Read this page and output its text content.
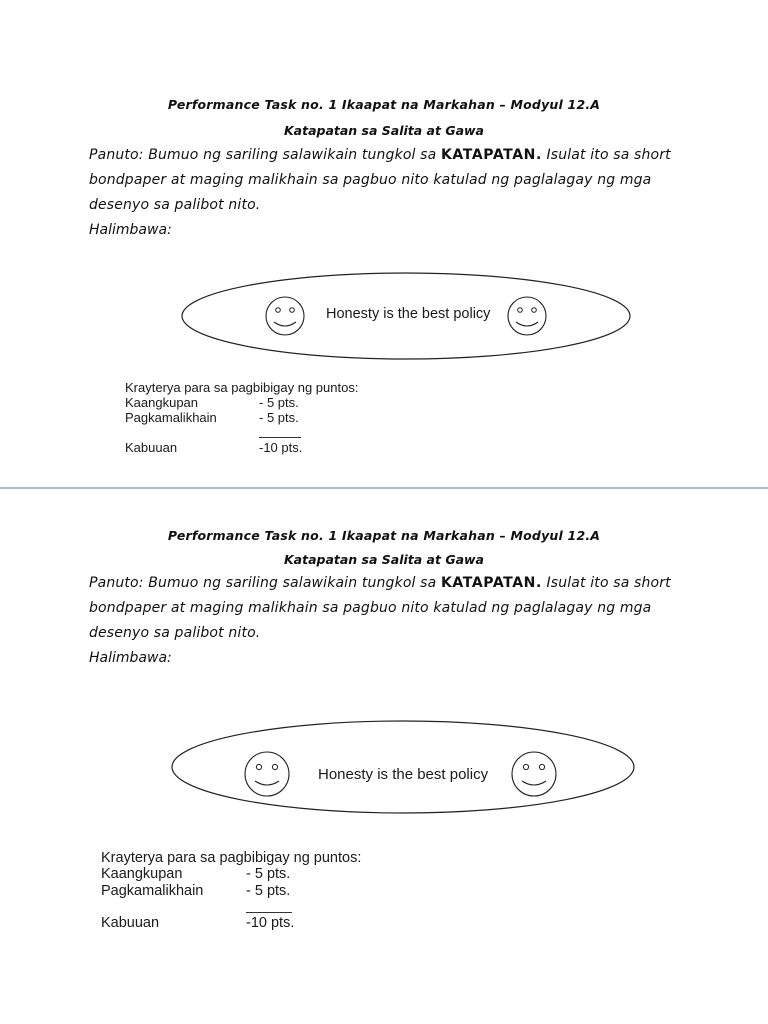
Performance Task no. 1 Ikaapat na Markahan – Modyul 12.A
Katapatan sa Salita at Gawa
Panuto: Bumuo ng sariling salawikain tungkol sa KATAPATAN. Isulat ito sa short
bondpaper at maging malikhain sa pagbuo nito katulad ng paglalagay ng mga
desenyo sa palibot nito.
Halimbawa:
Honesty is the best policy
Krayterya para sa pagbibigay ng puntos:
Kaangkupan	- 5 pts.
Pagkamalikhain	- 5 pts.
Kabuuan	-10 pts.
Performance Task no. 1 Ikaapat na Markahan – Modyul 12.A
Katapatan sa Salita at Gawa
Panuto: Bumuo ng sariling salawikain tungkol sa KATAPATAN. Isulat ito sa short
bondpaper at maging malikhain sa pagbuo nito katulad ng paglalagay ng mga
desenyo sa palibot nito.
Halimbawa:
Honesty is the best policy
Krayterya para sa pagbibigay ng puntos:
Kaangkupan	- 5 pts.
Pagkamalikhain	- 5 pts.
Kabuuan	-10 pts.
